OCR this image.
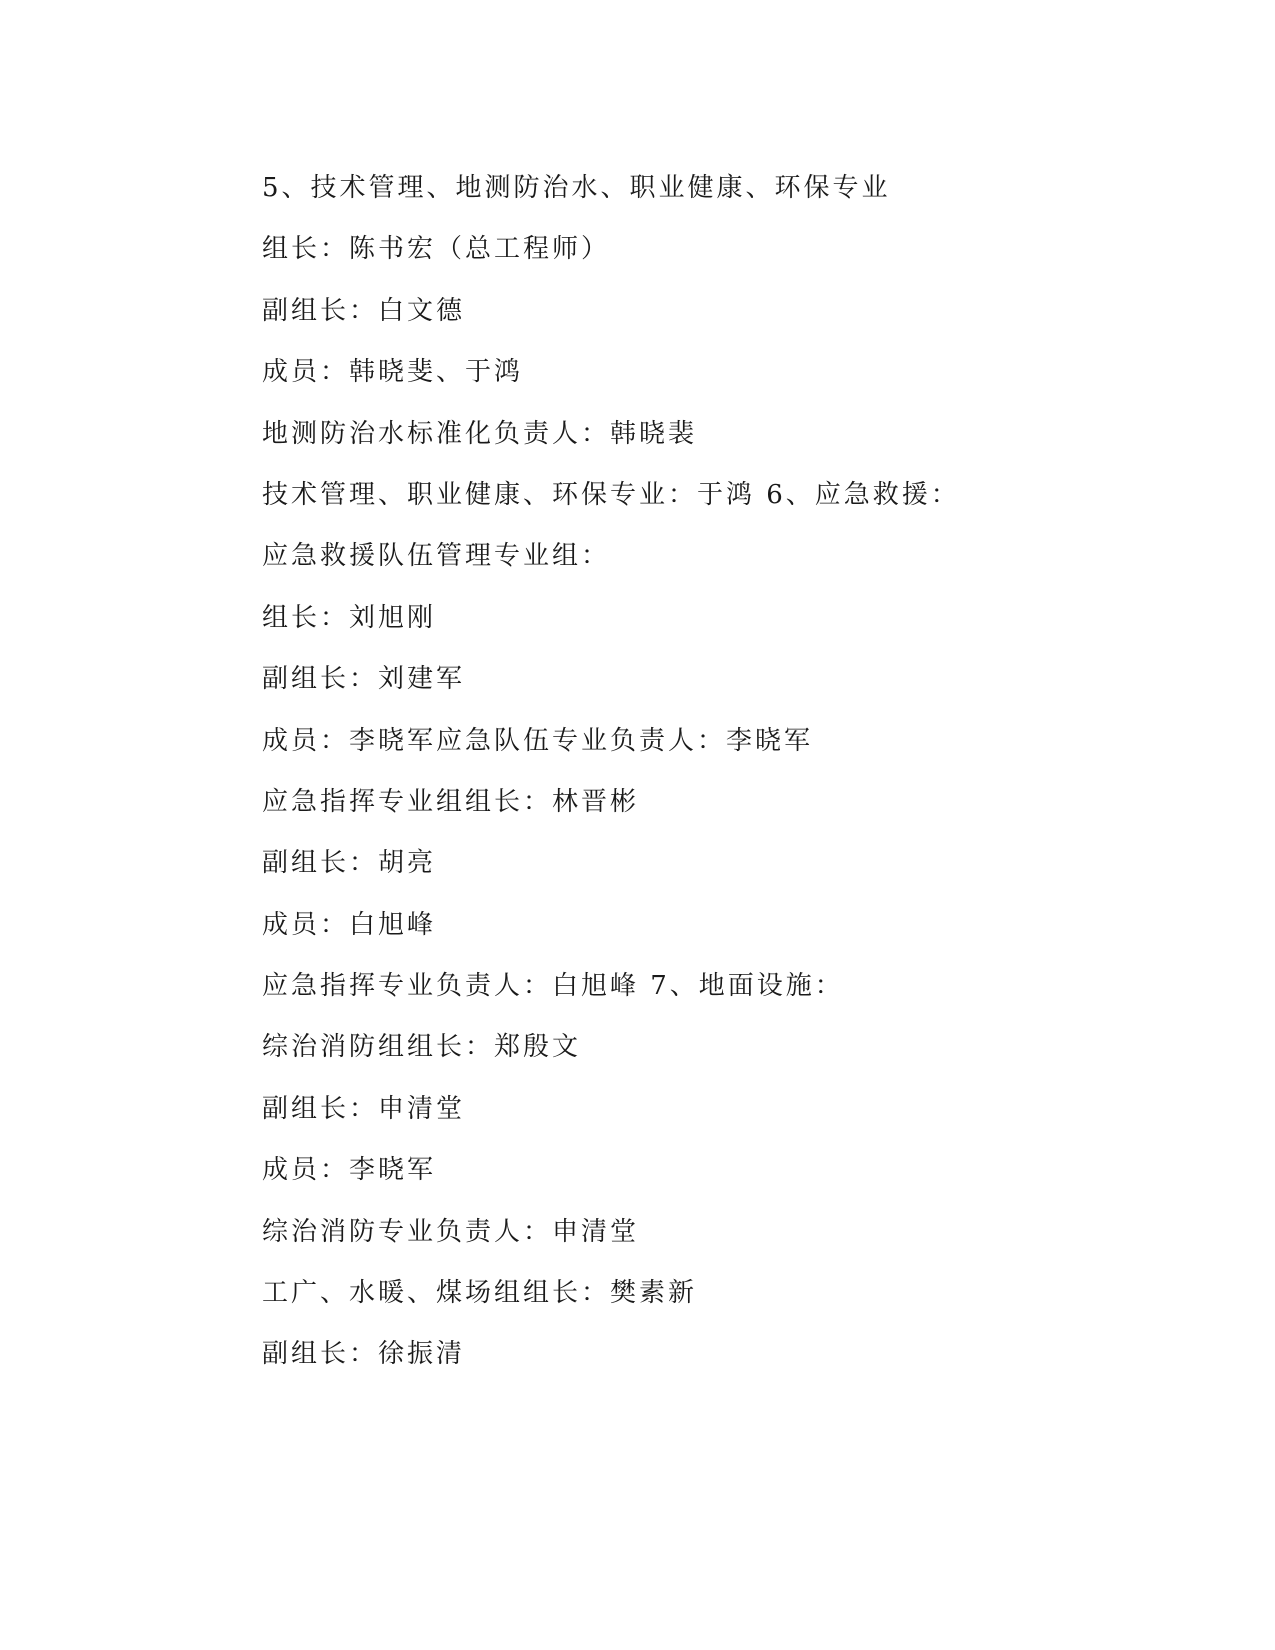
5、技术管理、地测防治水、职业健康、环保专业
组长：陈书宏（总工程师）
副组长：白文德
成员：韩晓斐、于鸿
地测防治水标准化负责人：韩晓裴
技术管理、职业健康、环保专业：于鸿 6、应急救援：
应急救援队伍管理专业组：
组长：刘旭刚
副组长：刘建军
成员：李晓军应急队伍专业负责人：李晓军
应急指挥专业组组长：林晋彬
副组长：胡亮
成员：白旭峰
应急指挥专业负责人：白旭峰 7、地面设施：
综治消防组组长：郑殷文
副组长：申清堂
成员：李晓军
综治消防专业负责人：申清堂
工广、水暖、煤场组组长：樊素新
副组长：徐振清
